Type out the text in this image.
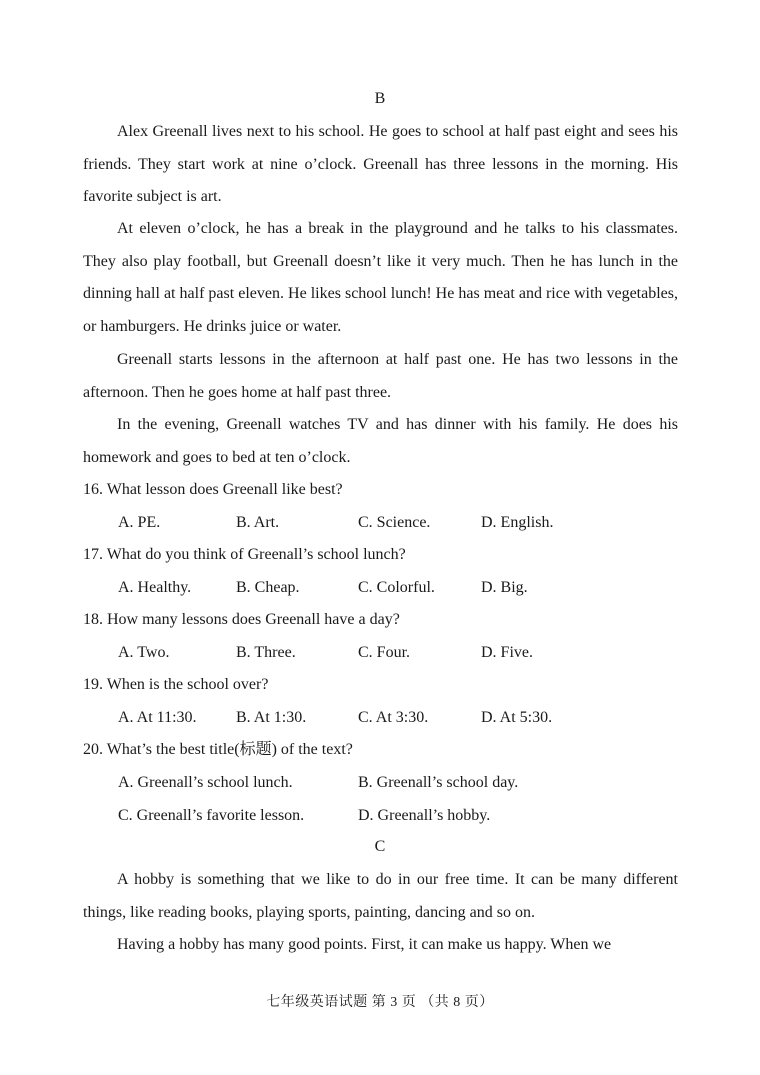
B

Alex Greenall lives next to his school. He goes to school at half past eight and sees his friends. They start work at nine o’clock. Greenall has three lessons in the morning. His favorite subject is art.

At eleven o’clock, he has a break in the playground and he talks to his classmates. They also play football, but Greenall doesn’t like it very much. Then he has lunch in the dinning hall at half past eleven. He likes school lunch! He has meat and rice with vegetables, or hamburgers. He drinks juice or water.

Greenall starts lessons in the afternoon at half past one. He has two lessons in the afternoon. Then he goes home at half past three.

In the evening, Greenall watches TV and has dinner with his family. He does his homework and goes to bed at ten o’clock.

16. What lesson does Greenall like best?
A. PE.	B. Art.	C. Science.	D. English.
17. What do you think of Greenall’s school lunch?
A. Healthy.	B. Cheap.	C. Colorful.	D. Big.
18. How many lessons does Greenall have a day?
A. Two.	B. Three.	C. Four.	D. Five.
19. When is the school over?
A. At 11:30. B. At 1:30.	C. At 3:30.	D. At 5:30.
20. What’s the best title(标题) of the text?
A. Greenall’s school lunch.	B. Greenall’s school day.
C. Greenall’s favorite lesson.	D. Greenall’s hobby.
C

A hobby is something that we like to do in our free time. It can be many different things, like reading books, playing sports, painting, dancing and so on.

Having a hobby has many good points. First, it can make us happy. When we

七年级英语试题 第 3 页 （共 8 页）
